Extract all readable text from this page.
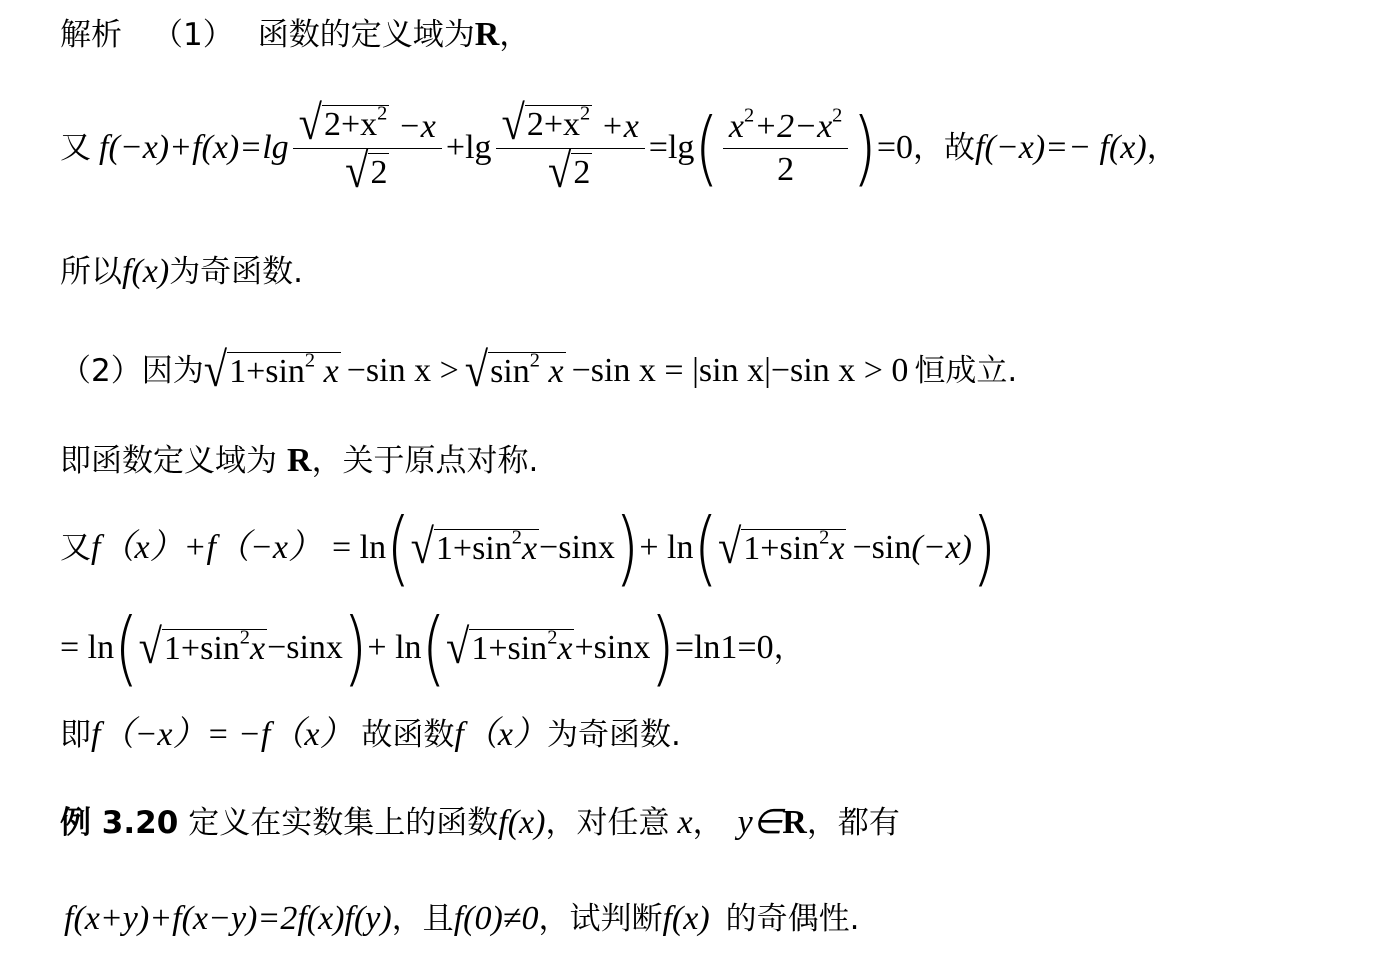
解析 （1） 函数的定义域为 R ，
又 $f(-x)+f(x)=\lg \frac{√ 2+x^2 -x}{√ 2} +\lg \frac{√ 2+x^2 +x}{√ 2} =\lg$ ( $\frac{x^2+2-x^2}{2}$ ) =0 ，故 f(−x)=− f(x) ，
所以 f(x) 为奇函数.
（2）因为 √ $1+\sin^2$ x −sin x > √ $\sin^2 x -\sin$ x = |sin x|−sin x > 0 恒成立.
即函数定义域为 R ，关于原点对称.
又 f（x）+f（−x） = ln ( √ $1+\sin^2x -\sin x$ ) + ln ( √ $1+\sin^2x -\sin$ (−x) )
= ln ( √ $1+\sin^2x -\sin x$ ) + ln ( √ $1+\sin^2x +\sin x$ ) =ln1=0 ，
即 f（−x）= −f（x） 故函数 f（x） 为奇函数.
例 3.20 定义在实数集上的函数 f(x) ，对任意 x ， y∈ R ，都有
f(x+y)+f(x−y)=2f(x)f(y) ，且 f(0)≠0 ，试判断 f(x) 的奇偶性.
